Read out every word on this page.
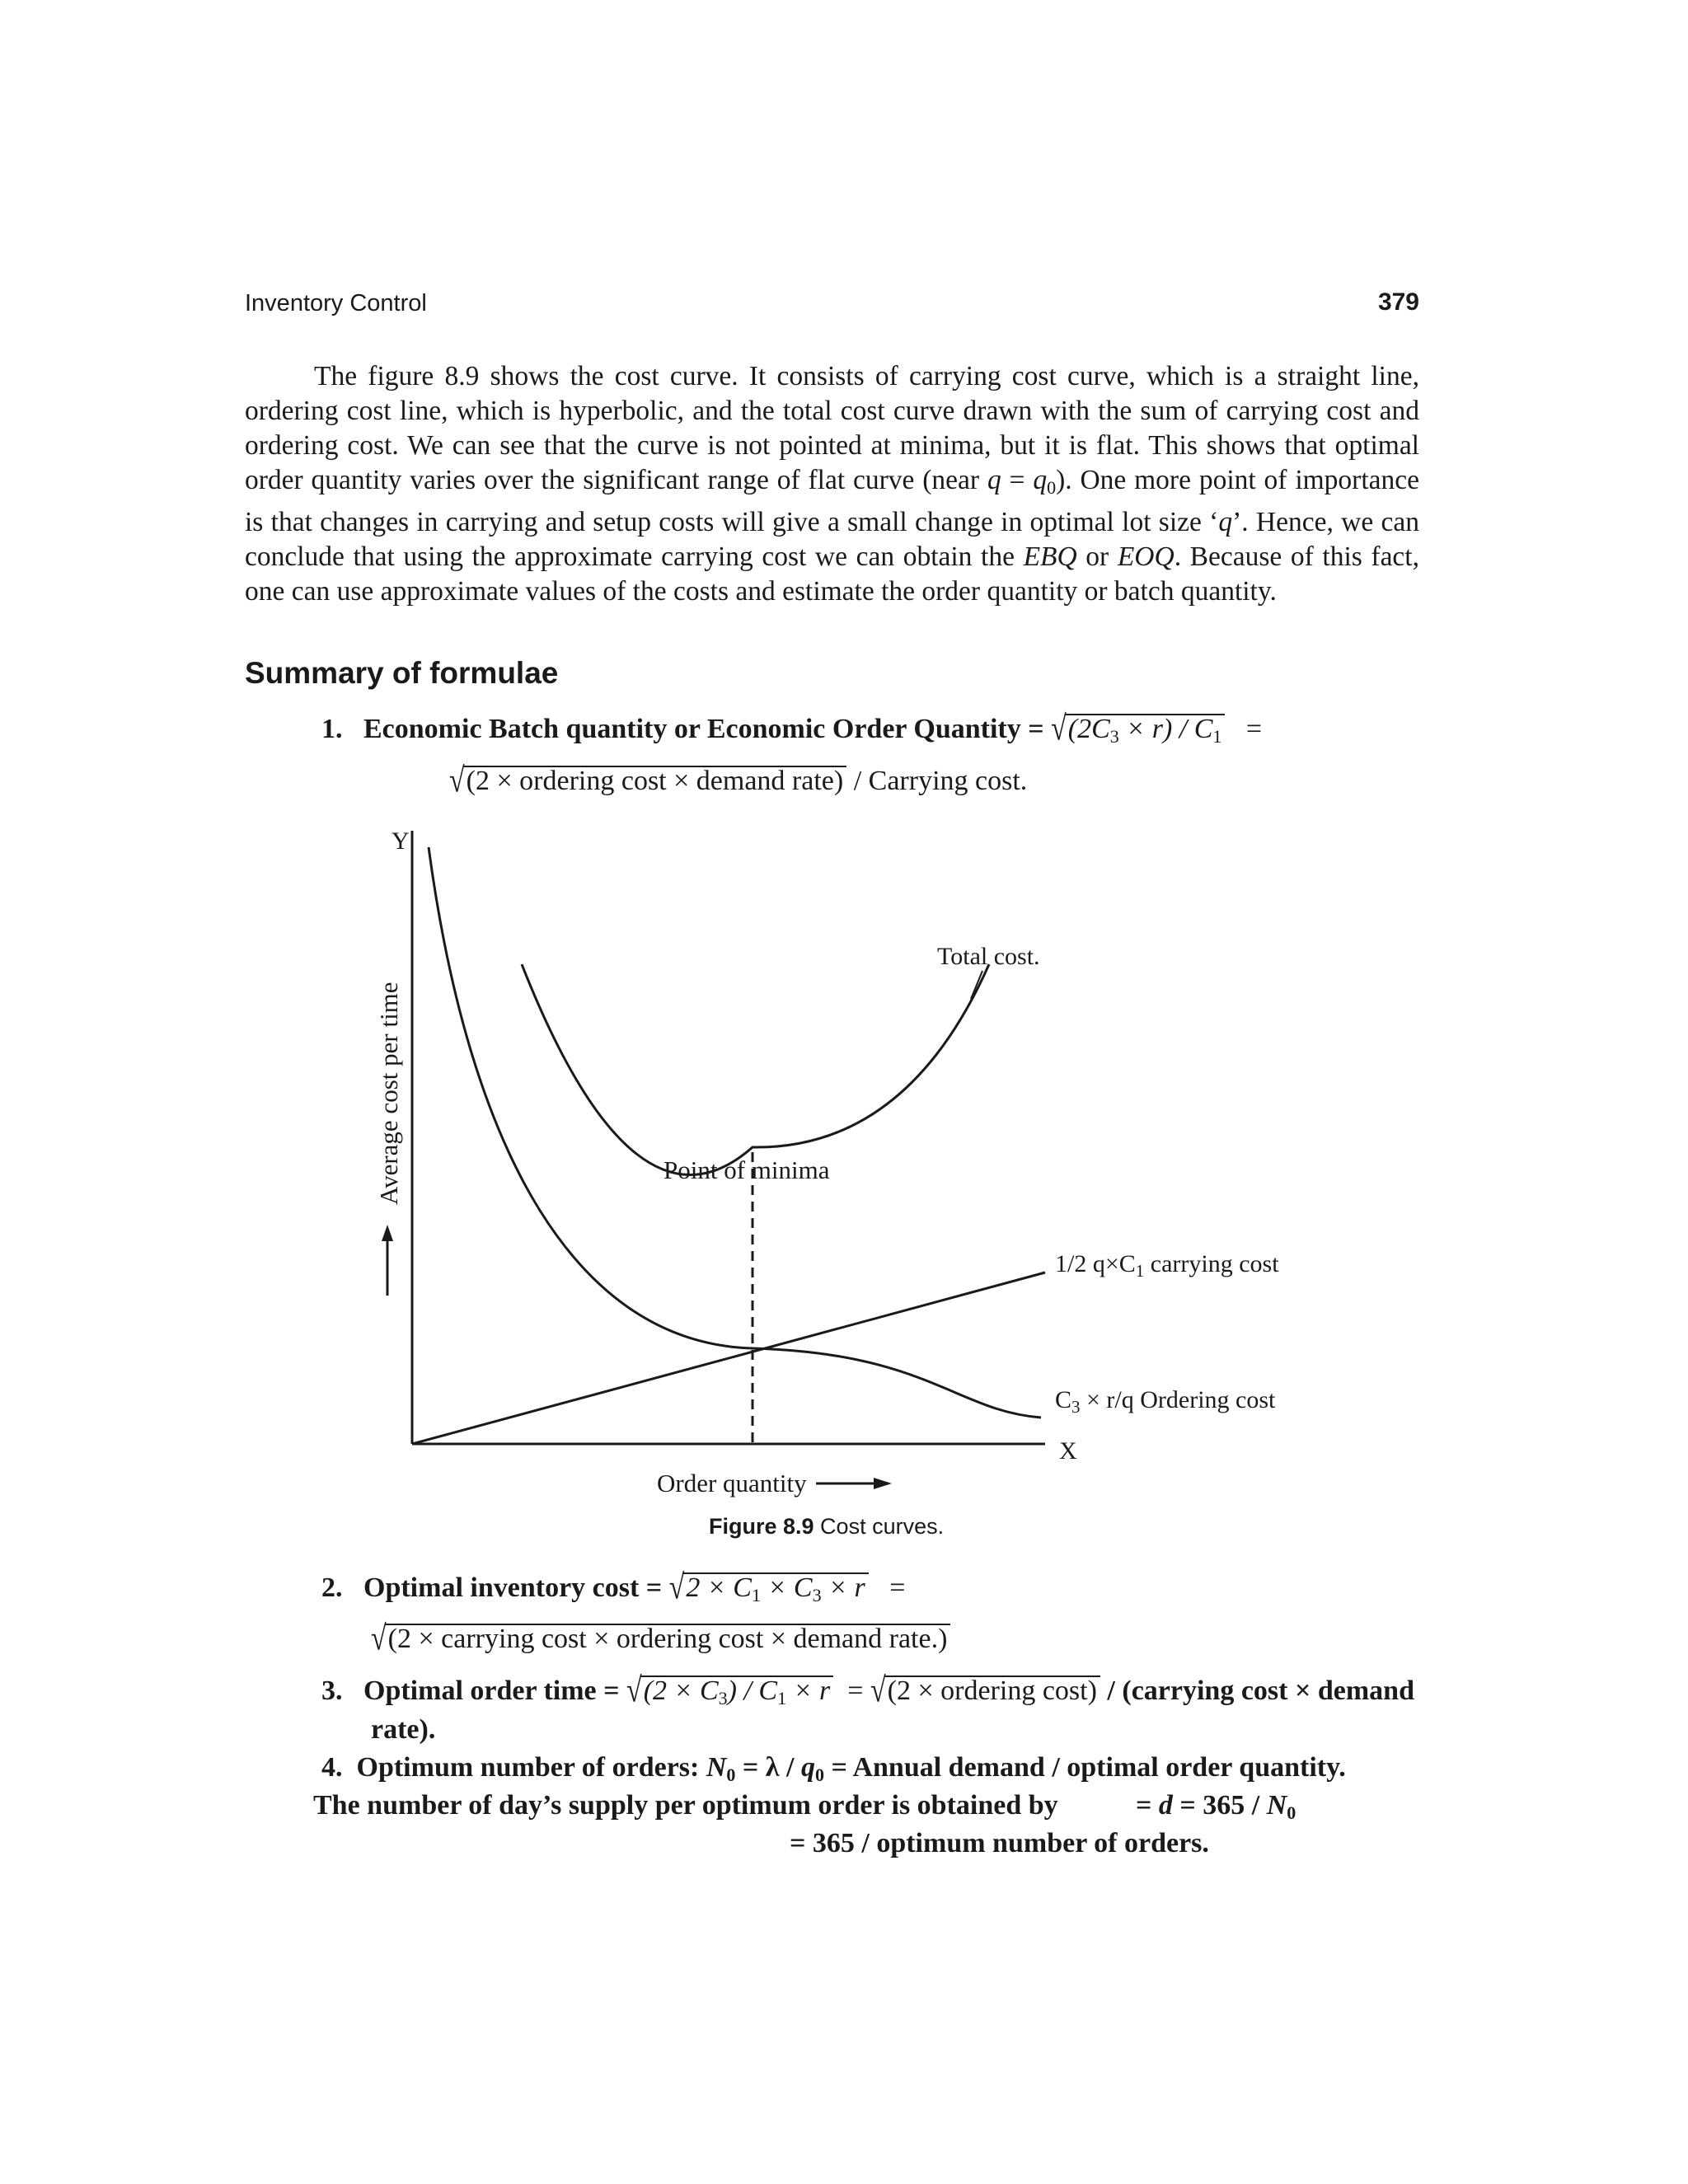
Inventory Control	379

The figure 8.9 shows the cost curve. It consists of carrying cost curve, which is a straight line, ordering cost line, which is hyperbolic, and the total cost curve drawn with the sum of carrying cost and ordering cost. We can see that the curve is not pointed at minima, but it is flat. This shows that optimal order quantity varies over the significant range of flat curve (near $q = q_0$). One more point of importance is that changes in carrying and setup costs will give a small change in optimal lot size ‘q’. Hence, we can conclude that using the approximate carrying cost we can obtain the EBQ or EOQ. Because of this fact, one can use approximate values of the costs and estimate the order quantity or batch quantity.

Summary of formulae
1. Economic Batch quantity or Economic Order Quantity = $√(2C_3 \times r) / C_1$ =
√(2 × ordering cost × demand rate) / Carrying cost.
Y
X
Average cost per time
Order quantity
Total cost.
Point of minima
1/2 $q\times C_1$ carrying cost
$C_3 \times r/q$ Ordering cost
Figure 8.9 Cost curves.
2. Optimal inventory $\cos t = √2 \times C_1 \times C_3 \times r$ =
√(2 × carrying cost × ordering cost × demand rate.)
3. Optimal order time = $√(2 \times C_3) / C_1 \times r = √(2$ × ordering cost) / (carrying cost × demand
rate).
4. Optimum number of orders: $N_0 = \lambda / q_0$ = Annual demand / optimal order quantity.
The number of day’s supply per optimum order is obtained by	= $d = 365 / N_0$
= 365 / optimum number of orders.
